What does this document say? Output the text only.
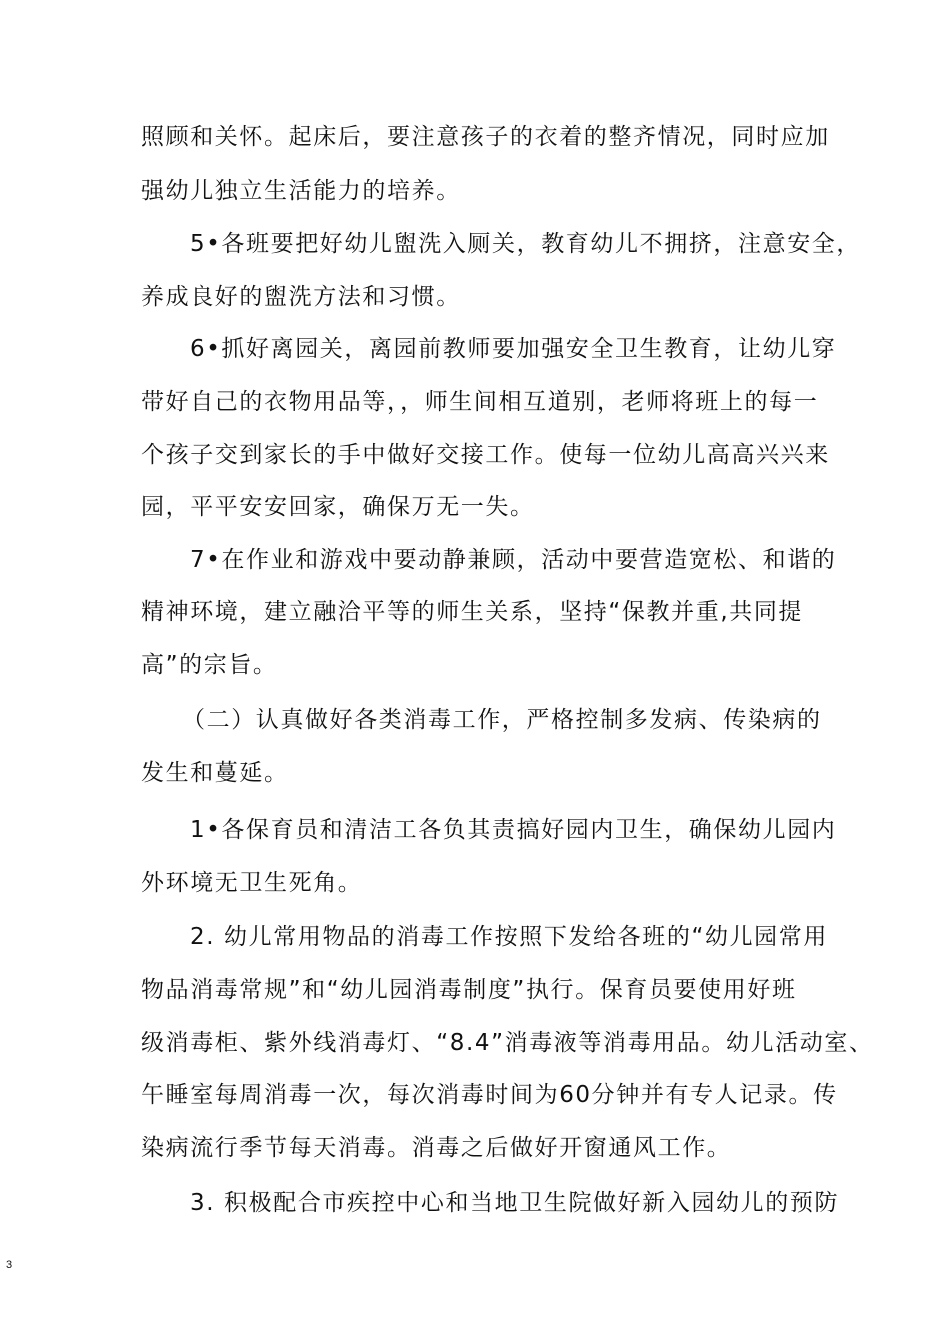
照顾和关怀。起床后，要注意孩子的衣着的整齐情况，同时应加
强幼儿独立生活能力的培养。
5•各班要把好幼儿盥洗入厕关，教育幼儿不拥挤，注意安全，
养成良好的盥洗方法和习惯。
6•抓好离园关，离园前教师要加强安全卫生教育，让幼儿穿
带好自己的衣物用品等，，师生间相互道别，老师将班上的每一
个孩子交到家长的手中做好交接工作。使每一位幼儿高高兴兴来
园，平平安安回家，确保万无一失。
7•在作业和游戏中要动静兼顾，活动中要营造宽松、和谐的
精神环境，建立融洽平等的师生关系，坚持“保教并重,共同提
高”的宗旨。
（二）认真做好各类消毒工作，严格控制多发病、传染病的
发生和蔓延。
1•各保育员和清洁工各负其责搞好园内卫生，确保幼儿园内
外环境无卫生死角。
2. 幼儿常用物品的消毒工作按照下发给各班的“幼儿园常用
物品消毒常规”和“幼儿园消毒制度”执行。保育员要使用好班
级消毒柜、紫外线消毒灯、“8.4”消毒液等消毒用品。幼儿活动室、
午睡室每周消毒一次，每次消毒时间为60分钟并有专人记录。传
染病流行季节每天消毒。消毒之后做好开窗通风工作。
3. 积极配合市疾控中心和当地卫生院做好新入园幼儿的预防
3
